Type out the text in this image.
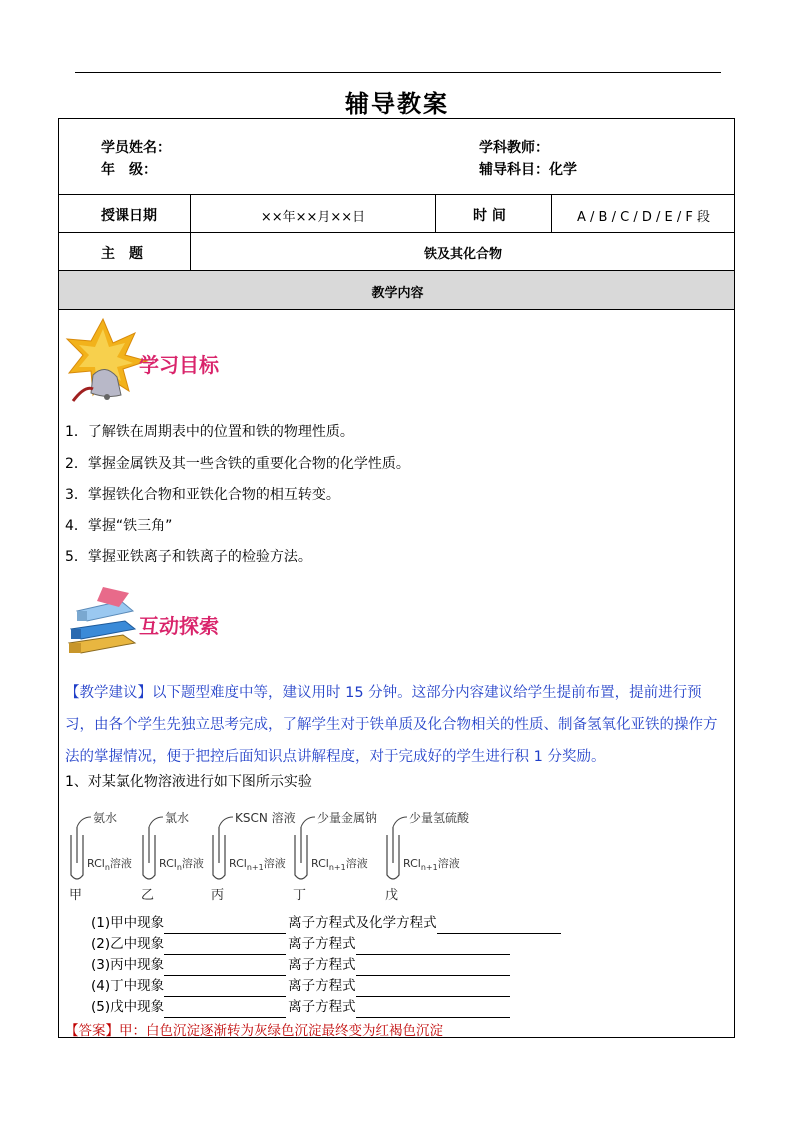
辅导教案
学员姓名：	学科教师：
年　级：	辅导科目：化学
授课日期	××年××月××日	时 间	A / B / C / D / E / F 段
主　题	铁及其化合物
教学内容
学习目标
1．了解铁在周期表中的位置和铁的物理性质。
2．掌握金属铁及其一些含铁的重要化合物的化学性质。
3．掌握铁化合物和亚铁化合物的相互转变。
4．掌握“铁三角”
5．掌握亚铁离子和铁离子的检验方法。
互动探索
【教学建议】以下题型难度中等，建议用时 15 分钟。这部分内容建议给学生提前布置，提前进行预习，由各个学生先独立思考完成，了解学生对于铁单质及化合物相关的性质、制备氢氧化亚铁的操作方法的掌握情况，便于把控后面知识点讲解程度，对于完成好的学生进行积 1 分奖励。
1、对某氯化物溶液进行如下图所示实验
氨水
RCl$_n$溶液
甲
氯水
RCl$_n$溶液
乙
KSCN 溶液
RCl$_{n+1}$溶液
丙
少量金属钠
RCl$_{n+1}$溶液
丁
少量氢硫酸
RCl$_{n+1}$溶液
戊
(1)甲中现象	离子方程式及化学方程式
(2)乙中现象	离子方程式
(3)丙中现象	离子方程式
(4)丁中现象	离子方程式
(5)戊中现象	离子方程式
【答案】甲：白色沉淀逐渐转为灰绿色沉淀最终变为红褐色沉淀
